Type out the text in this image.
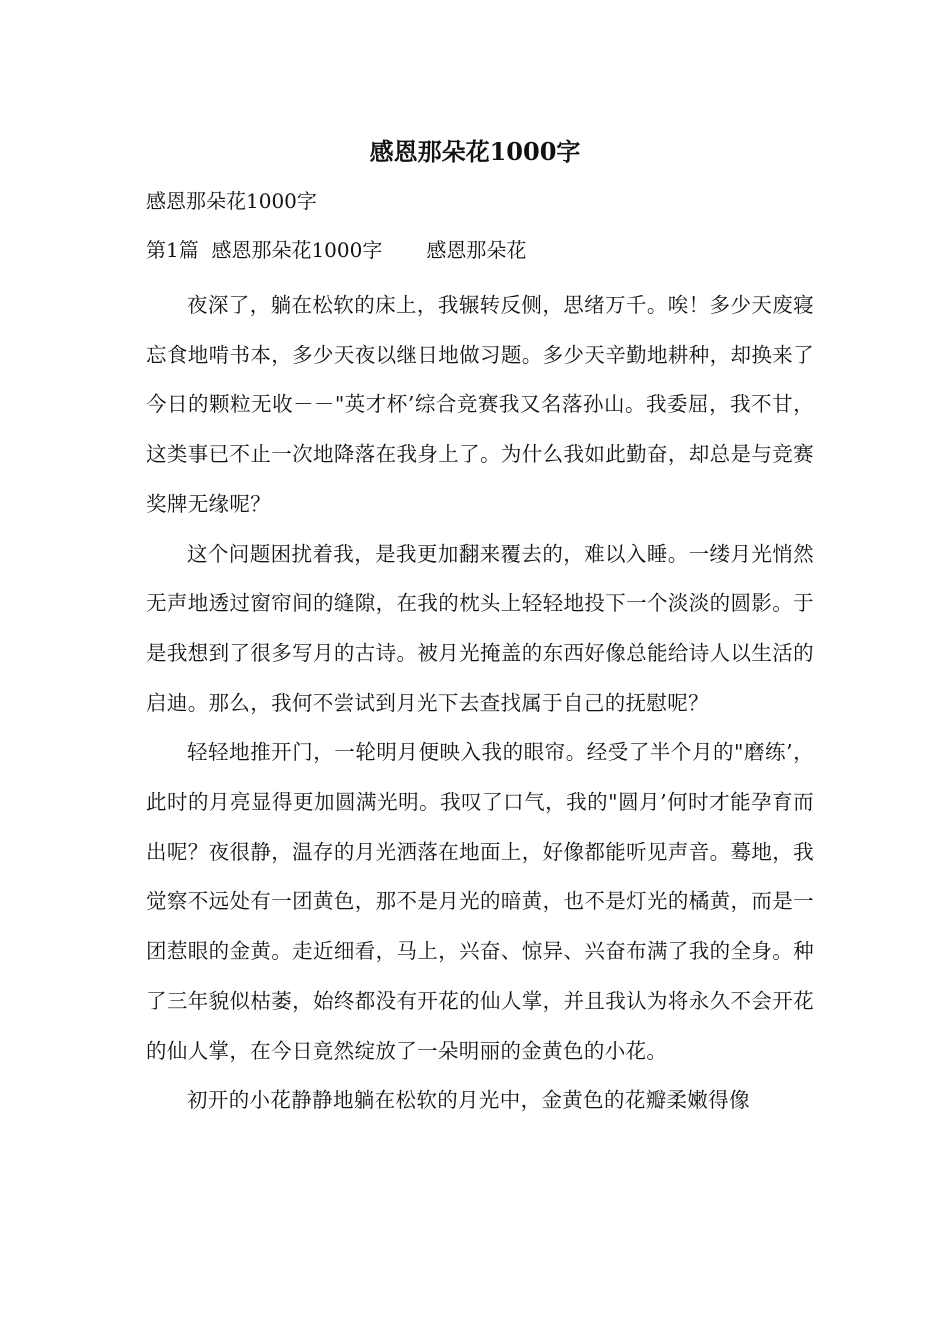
感恩那朵花1000字

感恩那朵花1000字

第1篇 感恩那朵花1000字 感恩那朵花

夜深了，躺在松软的床上，我辗转反侧，思绪万千。唉！多少天废寝忘食地啃书本，多少天夜以继日地做习题。多少天辛勤地耕种，却换来了今日的颗粒无收－－"英才杯’综合竞赛我又名落孙山。我委屈，我不甘，这类事已不止一次地降落在我身上了。为什么我如此勤奋，却总是与竞赛奖牌无缘呢？

这个问题困扰着我，是我更加翻来覆去的，难以入睡。一缕月光悄然无声地透过窗帘间的缝隙，在我的枕头上轻轻地投下一个淡淡的圆影。于是我想到了很多写月的古诗。被月光掩盖的东西好像总能给诗人以生活的启迪。那么，我何不尝试到月光下去查找属于自己的抚慰呢？

轻轻地推开门，一轮明月便映入我的眼帘。经受了半个月的"磨练’，此时的月亮显得更加圆满光明。我叹了口气，我的"圆月’何时才能孕育而出呢？夜很静，温存的月光洒落在地面上，好像都能听见声音。蓦地，我觉察不远处有一团黄色，那不是月光的暗黄，也不是灯光的橘黄，而是一团惹眼的金黄。走近细看，马上，兴奋、惊异、兴奋布满了我的全身。种了三年貌似枯萎，始终都没有开花的仙人掌，并且我认为将永久不会开花的仙人掌，在今日竟然绽放了一朵明丽的金黄色的小花。

初开的小花静静地躺在松软的月光中，金黄色的花瓣柔嫩得像
